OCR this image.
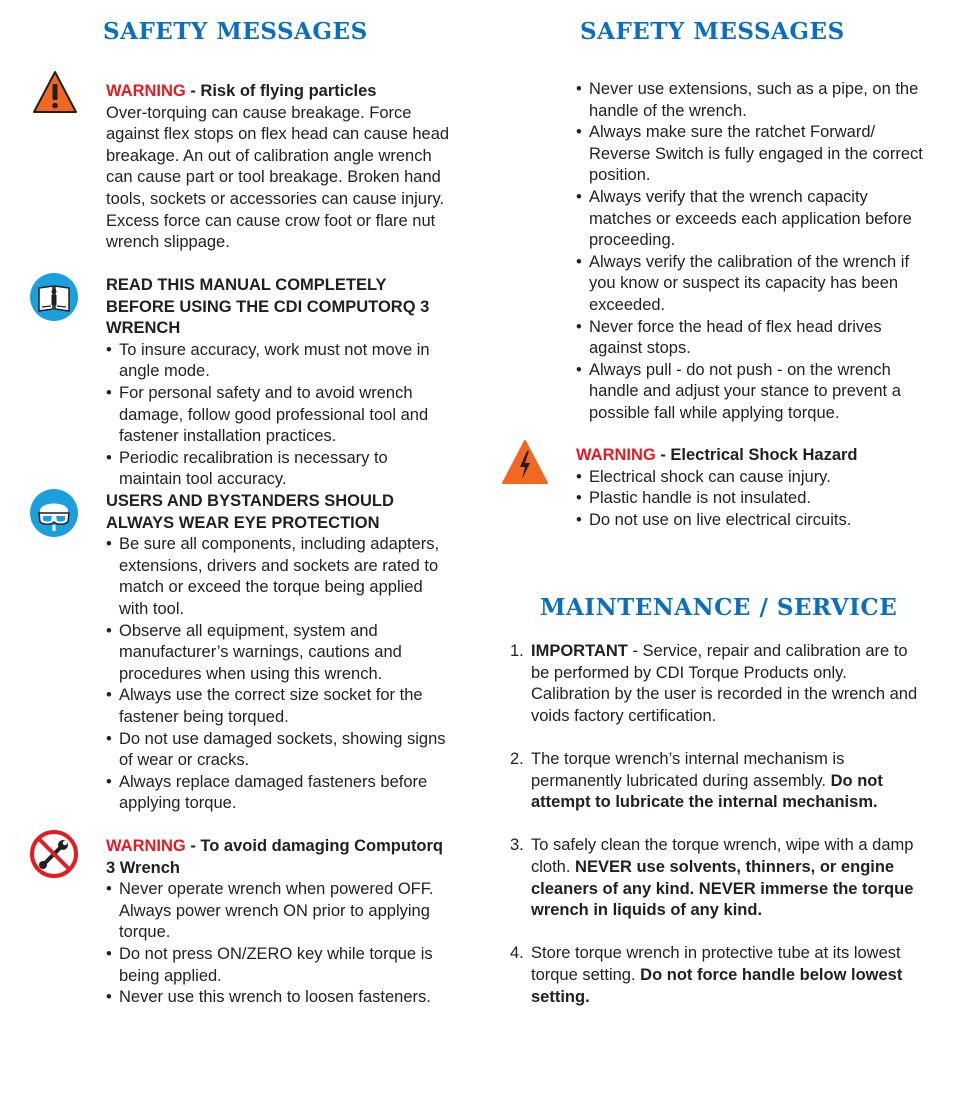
SAFETY MESSAGES

WARNING - Risk of flying particles

Over-torquing can cause breakage. Force against flex stops on flex head can cause head breakage. An out of calibration angle wrench can cause part or tool breakage. Broken hand tools, sockets or accessories can cause injury. Excess force can cause crow foot or flare nut wrench slippage.

READ THIS MANUAL COMPLETELY BEFORE USING THE CDI COMPUTORQ 3 WRENCH

• To insure accuracy, work must not move in angle mode.
• For personal safety and to avoid wrench damage, follow good professional tool and fastener installation practices.
• Periodic recalibration is necessary to maintain tool accuracy.

USERS AND BYSTANDERS SHOULD ALWAYS WEAR EYE PROTECTION

• Be sure all components, including adapters, extensions, drivers and sockets are rated to match or exceed the torque being applied with tool.
• Observe all equipment, system and manufacturer’s warnings, cautions and procedures when using this wrench.
• Always use the correct size socket for the fastener being torqued.
• Do not use damaged sockets, showing signs of wear or cracks.
• Always replace damaged fasteners before applying torque.

WARNING - To avoid damaging Computorq 3 Wrench

• Never operate wrench when powered OFF. Always power wrench ON prior to applying torque.
• Do not press ON/ZERO key while torque is being applied.
• Never use this wrench to loosen fasteners.
SAFETY MESSAGES
• Never use extensions, such as a pipe, on the handle of the wrench.
• Always make sure the ratchet Forward/ Reverse Switch is fully engaged in the correct position.
• Always verify that the wrench capacity matches or exceeds each application before proceeding.
• Always verify the calibration of the wrench if you know or suspect its capacity has been exceeded.
• Never force the head of flex head drives against stops.
• Always pull - do not push - on the wrench handle and adjust your stance to prevent a possible fall while applying torque.

WARNING - Electrical Shock Hazard

• Electrical shock can cause injury.
• Plastic handle is not insulated.
• Do not use on live electrical circuits.
MAINTENANCE / SERVICE
1. IMPORTANT - Service, repair and calibration are to be performed by CDI Torque Products only. Calibration by the user is recorded in the wrench and voids factory certification.
2. The torque wrench’s internal mechanism is permanently lubricated during assembly. Do not attempt to lubricate the internal mechanism.
3. To safely clean the torque wrench, wipe with a damp cloth. NEVER use solvents, thinners, or engine cleaners of any kind. NEVER immerse the torque wrench in liquids of any kind.
4. Store torque wrench in protective tube at its lowest torque setting. Do not force handle below lowest setting.
